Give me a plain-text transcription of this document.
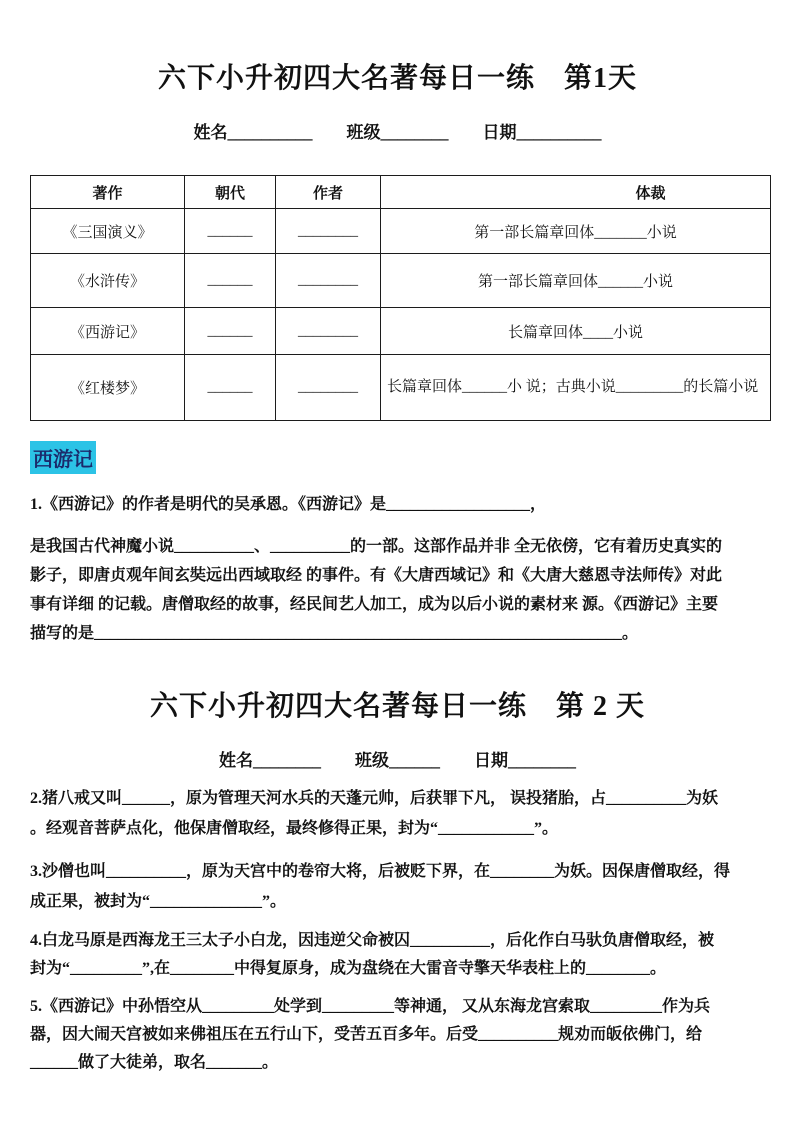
六下小升初四大名著每日一练　第1天
姓名__________ 班级________ 日期__________
著作	朝代	作者	体裁
《三国演义》	______	________	第一部长篇章回体_______小说
《水浒传》	______	________	第一部长篇章回体______小说
《西游记》	______	________	长篇章回体____小说
《红楼梦》	______	________	长篇章回体______小 说；古典小说_________的长篇小说
西游记
1.《西游记》的作者是明代的吴承恩。《西游记》是__________________，
是我国古代神魔小说__________、__________的一部。这部作品并非 全无依傍，它有着历史真实的
影子，即唐贞观年间玄奘远出西域取经 的事件。有《大唐西域记》和《大唐大慈恩寺法师传》对此
事有详细 的记载。唐僧取经的故事，经民间艺人加工，成为以后小说的素材来 源。《西游记》主要
描写的是__________________________________________________________________。
六下小升初四大名著每日一练　第 2 天
姓名________ 班级______ 日期________
2.猪八戒又叫______，原为管理天河水兵的天蓬元帅，后获罪下凡， 误投猪胎，占__________为妖
。经观音菩萨点化，他保唐僧取经，最终修得正果，封为“____________”。
3.沙僧也叫__________，原为天宫中的卷帘大将，后被贬下界，在________为妖。因保唐僧取经，得
成正果，被封为“______________”。
4.白龙马原是西海龙王三太子小白龙，因违逆父命被囚__________，后化作白马驮负唐僧取经，被
封为“_________”,在________中得复原身，成为盘绕在大雷音寺擎天华表柱上的________。
5.《西游记》中孙悟空从_________处学到_________等神通， 又从东海龙宫索取_________作为兵
器，因大闹天宫被如来佛祖压在五行山下，受苦五百多年。后受__________规劝而皈依佛门，给
______做了大徒弟，取名_______。
